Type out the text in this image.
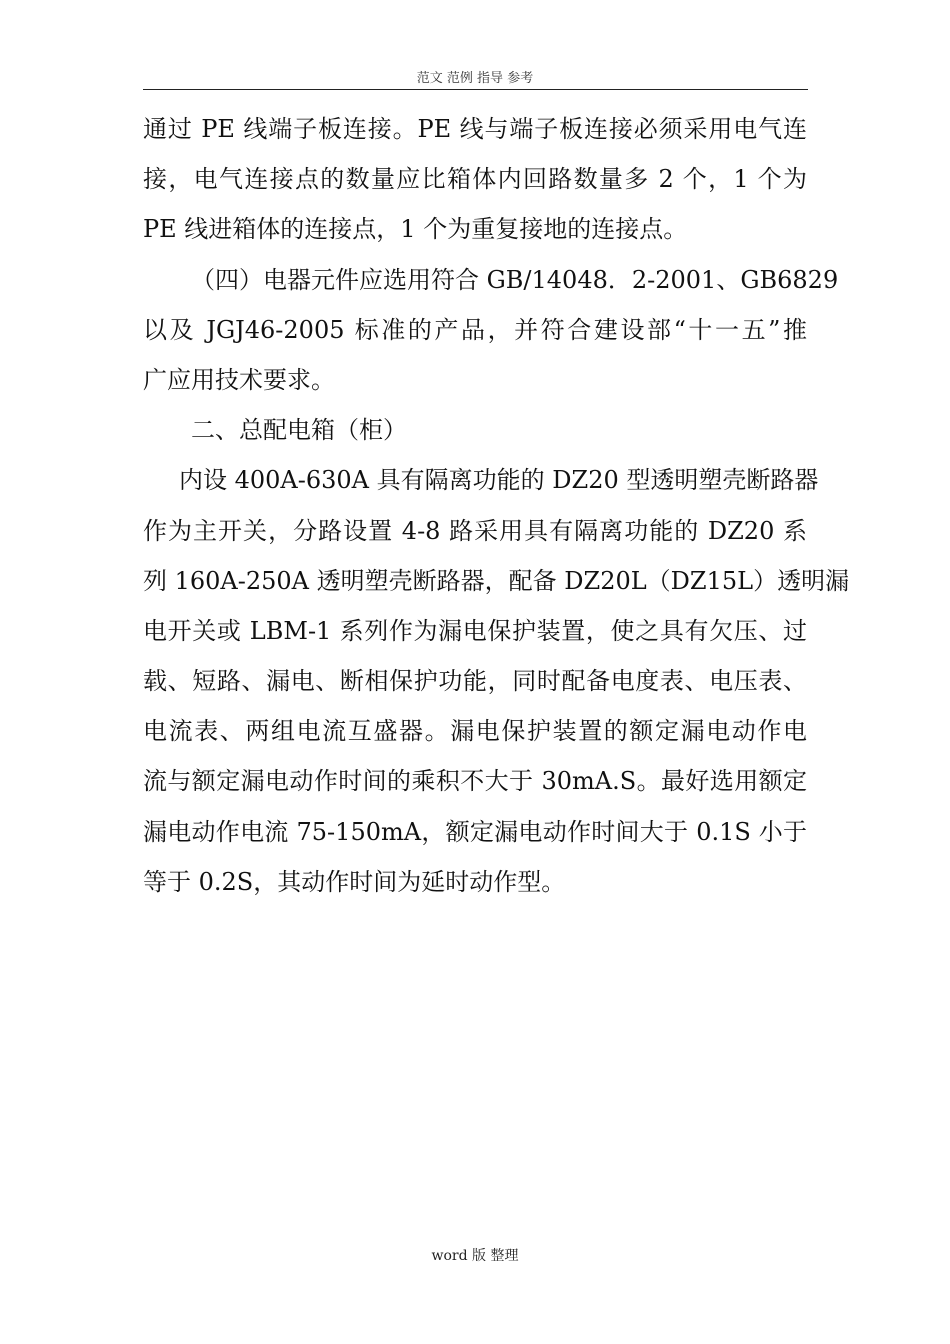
范文 范例 指导 参考
通过 PE 线端子板连接。PE 线与端子板连接必须采用电气连
接，电气连接点的数量应比箱体内回路数量多 2 个，1 个为
PE 线进箱体的连接点，1 个为重复接地的连接点。
（四）电器元件应选用符合 GB/14048．2-2001、GB6829
以及 JGJ46-2005 标准的产品，并符合建设部“十一五”推
广应用技术要求。
二、总配电箱（柜）
内设 400A-630A 具有隔离功能的 DZ20 型透明塑壳断路器
作为主开关，分路设置 4-8 路采用具有隔离功能的 DZ20 系
列 160A-250A 透明塑壳断路器，配备 DZ20L（DZ15L）透明漏
电开关或 LBM-1 系列作为漏电保护装置，使之具有欠压、过
载、短路、漏电、断相保护功能，同时配备电度表、电压表、
电流表、两组电流互盛器。漏电保护装置的额定漏电动作电
流与额定漏电动作时间的乘积不大于 30mA.S。最好选用额定
漏电动作电流 75-150mA，额定漏电动作时间大于 0.1S 小于
等于 0.2S，其动作时间为延时动作型。
word 版 整理
